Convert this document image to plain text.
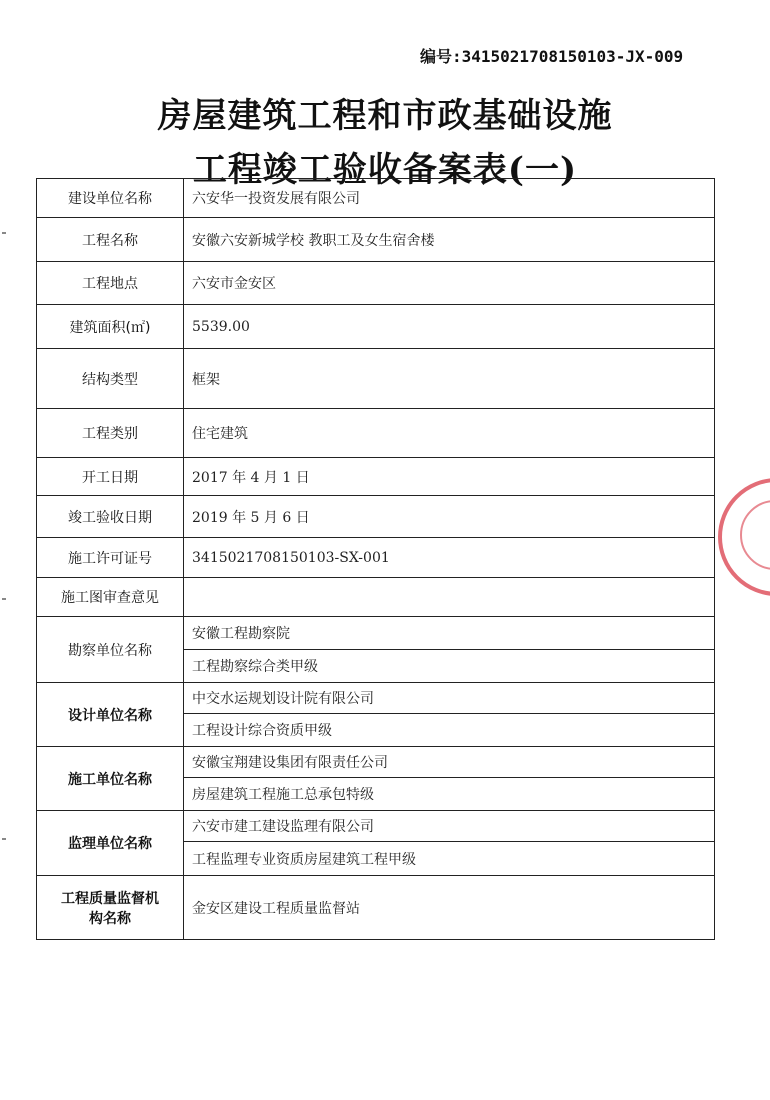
编号:3415021708150103-JX-009
房屋建筑工程和市政基础设施
工程竣工验收备案表(一)
建设单位名称	六安华一投资发展有限公司
工程名称	安徽六安新城学校 教职工及女生宿舍楼
工程地点	六安市金安区
建筑面积(㎡)	5539.00
结构类型	框架
工程类别	住宅建筑
开工日期	2017 年 4 月 1 日
竣工验收日期	2019 年 5 月 6 日
施工许可证号	3415021708150103-SX-001
施工图审查意见	
勘察单位名称	安徽工程勘察院
	工程勘察综合类甲级
设计单位名称	中交水运规划设计院有限公司
	工程设计综合资质甲级
施工单位名称	安徽宝翔建设集团有限责任公司
	房屋建筑工程施工总承包特级
监理单位名称	六安市建工建设监理有限公司
	工程监理专业资质房屋建筑工程甲级

工程质量监督机
构名称	金安区建设工程质量监督站
